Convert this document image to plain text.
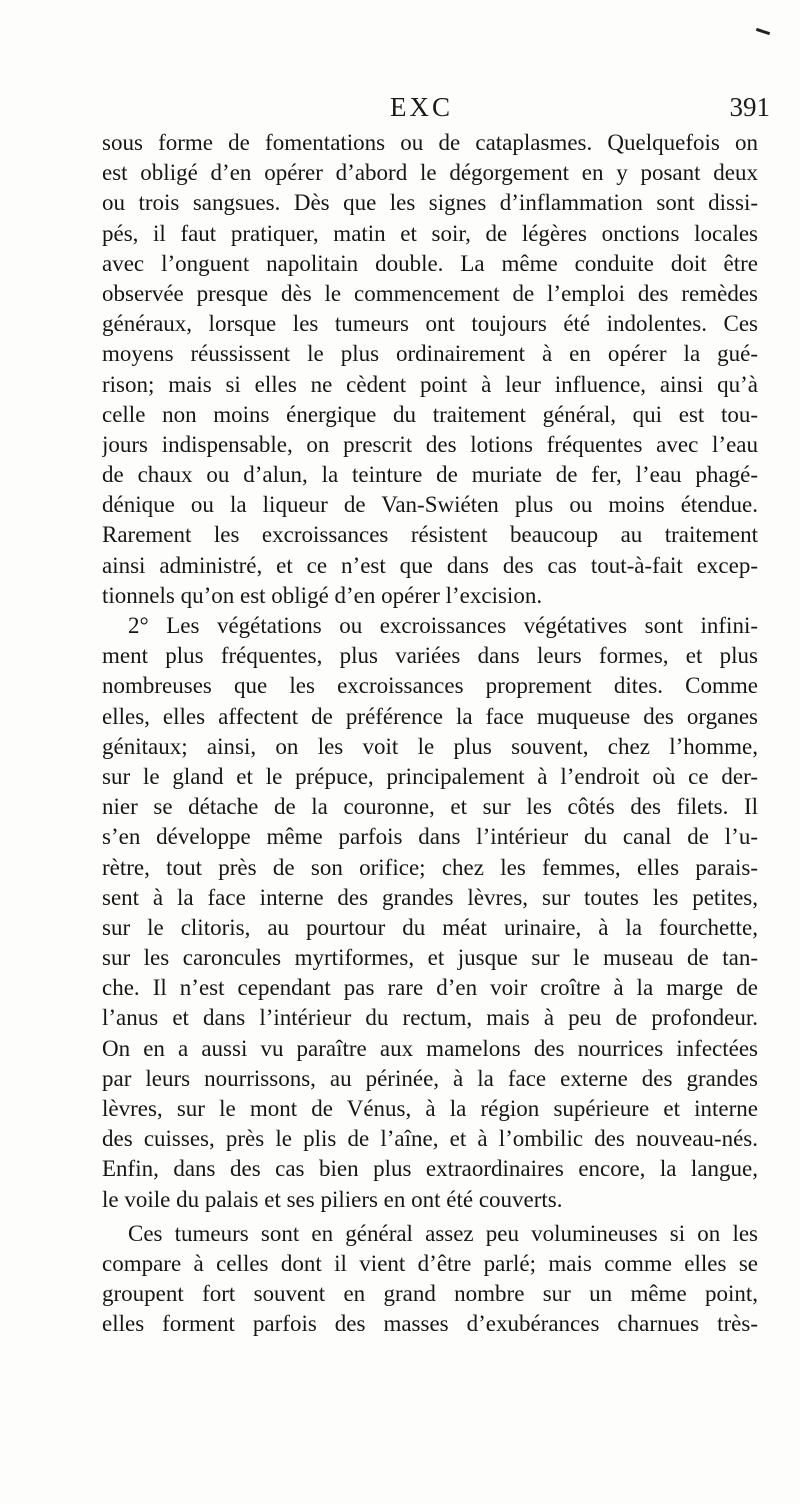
EXC	391
sous forme de fomentations ou de cataplasmes. Quelquefois on
est obligé d’en opérer d’abord le dégorgement en y posant deux
ou trois sangsues. Dès que les signes d’inflammation sont dissi-
pés, il faut pratiquer, matin et soir, de légères onctions locales
avec l’onguent napolitain double. La même conduite doit être
observée presque dès le commencement de l’emploi des remèdes
généraux, lorsque les tumeurs ont toujours été indolentes. Ces
moyens réussissent le plus ordinairement à en opérer la gué-
rison; mais si elles ne cèdent point à leur influence, ainsi qu’à
celle non moins énergique du traitement général, qui est tou-
jours indispensable, on prescrit des lotions fréquentes avec l’eau
de chaux ou d’alun, la teinture de muriate de fer, l’eau phagé-
dénique ou la liqueur de Van-Swiéten plus ou moins étendue.
Rarement les excroissances résistent beaucoup au traitement
ainsi administré, et ce n’est que dans des cas tout-à-fait excep-
tionnels qu’on est obligé d’en opérer l’excision.
2° Les végétations ou excroissances végétatives sont infini-
ment plus fréquentes, plus variées dans leurs formes, et plus
nombreuses que les excroissances proprement dites. Comme
elles, elles affectent de préférence la face muqueuse des organes
génitaux; ainsi, on les voit le plus souvent, chez l’homme,
sur le gland et le prépuce, principalement à l’endroit où ce der-
nier se détache de la couronne, et sur les côtés des filets. Il
s’en développe même parfois dans l’intérieur du canal de l’u-
rètre, tout près de son orifice; chez les femmes, elles parais-
sent à la face interne des grandes lèvres, sur toutes les petites,
sur le clitoris, au pourtour du méat urinaire, à la fourchette,
sur les caroncules myrtiformes, et jusque sur le museau de tan-
che. Il n’est cependant pas rare d’en voir croître à la marge de
l’anus et dans l’intérieur du rectum, mais à peu de profondeur.
On en a aussi vu paraître aux mamelons des nourrices infectées
par leurs nourrissons, au périnée, à la face externe des grandes
lèvres, sur le mont de Vénus, à la région supérieure et interne
des cuisses, près le plis de l’aîne, et à l’ombilic des nouveau-nés.
Enfin, dans des cas bien plus extraordinaires encore, la langue,
le voile du palais et ses piliers en ont été couverts.
Ces tumeurs sont en général assez peu volumineuses si on les
compare à celles dont il vient d’être parlé; mais comme elles se
groupent fort souvent en grand nombre sur un même point,
elles forment parfois des masses d’exubérances charnues très-
